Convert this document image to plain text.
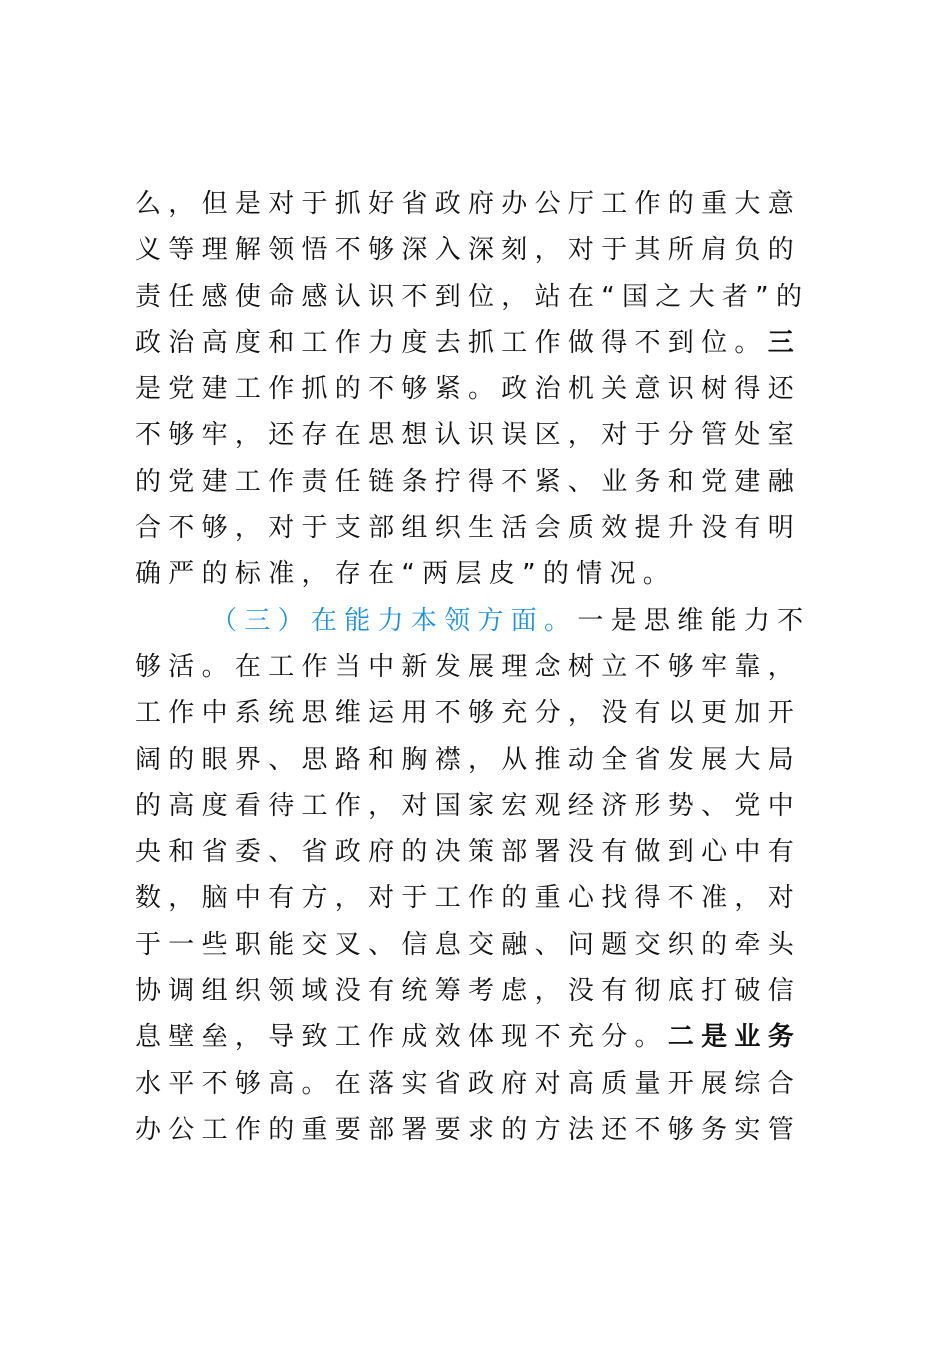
么，但是对于抓好省政府办公厅工作的重大意
义等理解领悟不够深入深刻，对于其所肩负的
责任感使命感认识不到位，站在“国之大者”的
政治高度和工作力度去抓工作做得不到位。三
是党建工作抓的不够紧。政治机关意识树得还
不够牢，还存在思想认识误区，对于分管处室
的党建工作责任链条拧得不紧、业务和党建融
合不够，对于支部组织生活会质效提升没有明
确严的标准，存在“两层皮”的情况。
（三）在能力本领方面。一是思维能力不
够活。在工作当中新发展理念树立不够牢靠，
工作中系统思维运用不够充分，没有以更加开
阔的眼界、思路和胸襟，从推动全省发展大局
的高度看待工作，对国家宏观经济形势、党中
央和省委、省政府的决策部署没有做到心中有
数，脑中有方，对于工作的重心找得不准，对
于一些职能交叉、信息交融、问题交织的牵头
协调组织领域没有统筹考虑，没有彻底打破信
息壁垒，导致工作成效体现不充分。二是业务
水平不够高。在落实省政府对高质量开展综合
办公工作的重要部署要求的方法还不够务实管
